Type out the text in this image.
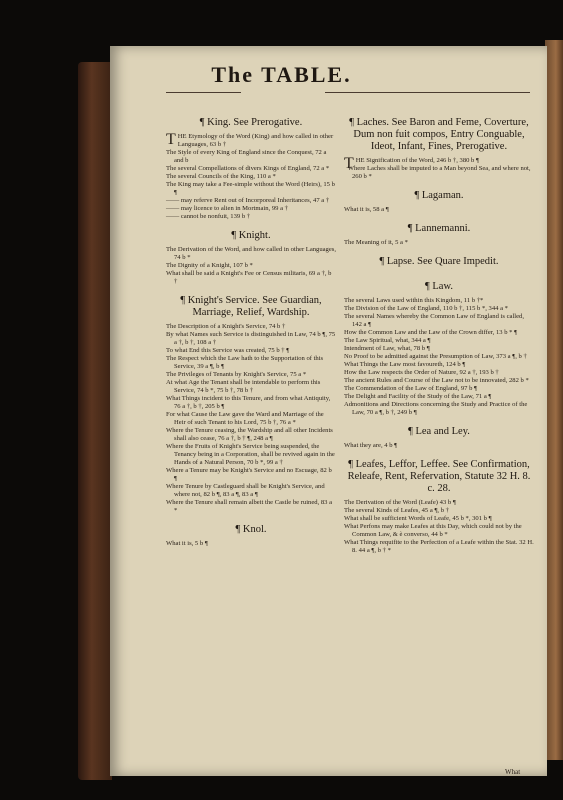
The TABLE.
¶ King. See Prerogative.

THE Etymology of the Word (King) and how called in other Languages, 63 b †

The Style of every King of England since the Conquest, 72 a and b

The several Compellations of divers Kings of England, 72 a *

The several Councils of the King, 110 a *

The King may take a Fee-simple without the Word (Heirs), 15 b ¶

—— may referve Rent out of Incorporeal Inheritances, 47 a †

—— may licence to alien in Mortmain, 99 a †

—— cannot be nonfuit, 139 b †

¶ Knight.

The Derivation of the Word, and how called in other Languages, 74 b *

The Dignity of a Knight, 107 b *

What shall be said a Knight's Fee or Census militaris, 69 a †, b †

¶ Knight's Service. See Guardian, Marriage, Relief, Wardship.

The Description of a Knight's Service, 74 b †

By what Names such Service is distinguished in Law, 74 b ¶, 75 a †, b †, 108 a †

To what End this Service was created, 75 b † ¶

The Respect which the Law hath to the Supportation of this Service, 39 a ¶, b ¶

The Privileges of Tenants by Knight's Service, 75 a *

At what Age the Tenant shall be intendable to perform this Service, 74 b *, 75 b †, 78 b †

What Things incident to this Tenure, and from what Antiquity, 76 a †, b †, 205 b ¶

For what Cause the Law gave the Ward and Marriage of the Heir of such Tenant to his Lord, 75 b †, 76 a *

Where the Tenure ceasing, the Wardship and all other Incidents shall also cease, 76 a †, b † ¶, 248 a ¶

Where the Fruits of Knight's Service being suspended, the Tenancy being in a Corporation, shall be revived again in the Hands of a Natural Person, 70 b *, 99 a †

Where a Tenure may be Knight's Service and no Escuage, 82 b ¶

Where Tenure by Castleguard shall be Knight's Service, and where not, 82 b ¶, 83 a ¶, 83 a ¶

Where the Tenure shall remain albeit the Castle be ruined, 83 a *

¶ Knol.

What it is, 5 b ¶

¶ Laches. See Baron and Feme, Coverture, Dum non fuit compos, Entry Conguable, Ideot, Infant, Fines, Prerogative.

THE Signification of the Word, 246 b †, 380 b ¶

Where Laches shall be imputed to a Man beyond Sea, and where not, 260 b *

¶ Lagaman.

What it is, 58 a ¶

¶ Lannemanni.

The Meaning of it, 5 a *

¶ Lapse. See Quare Impedit.
¶ Law.

The several Laws used within this Kingdom, 11 b †*

The Division of the Law of England, 110 b †, 115 b *, 344 a *

The several Names whereby the Common Law of England is called, 142 a ¶

How the Common Law and the Law of the Crown differ, 13 b * ¶

The Law Spiritual, what, 344 a ¶

Intendment of Law, what, 78 b ¶

No Proof to be admitted against the Presumption of Law, 373 a ¶, b †

What Things the Law most favoureth, 124 b ¶

How the Law respects the Order of Nature, 92 a †, 193 b †

The ancient Rules and Course of the Law not to be innovated, 282 b *

The Commendation of the Law of England, 97 b ¶

The Delight and Facility of the Study of the Law, 71 a ¶

Admonitions and Directions concerning the Study and Practice of the Law, 70 a ¶, b †, 249 b ¶

¶ Lea and Ley.

What they are, 4 b ¶

¶ Leafes, Leffor, Leffee. See Confirmation, Releafe, Rent, Refervation, Statute 32 H. 8. c. 28.

The Derivation of the Word (Leafe) 43 b ¶

The several Kinds of Leafes, 45 a ¶, b †

What shall be sufficient Words of Leafe, 45 b *, 301 b ¶

What Perfons may make Leafes at this Day, which could not by the Common Law, & è converso, 44 b *

What Things requifite to the Perfection of a Leafe within the Stat. 32 H. 8. 44 a ¶, b † *

What
